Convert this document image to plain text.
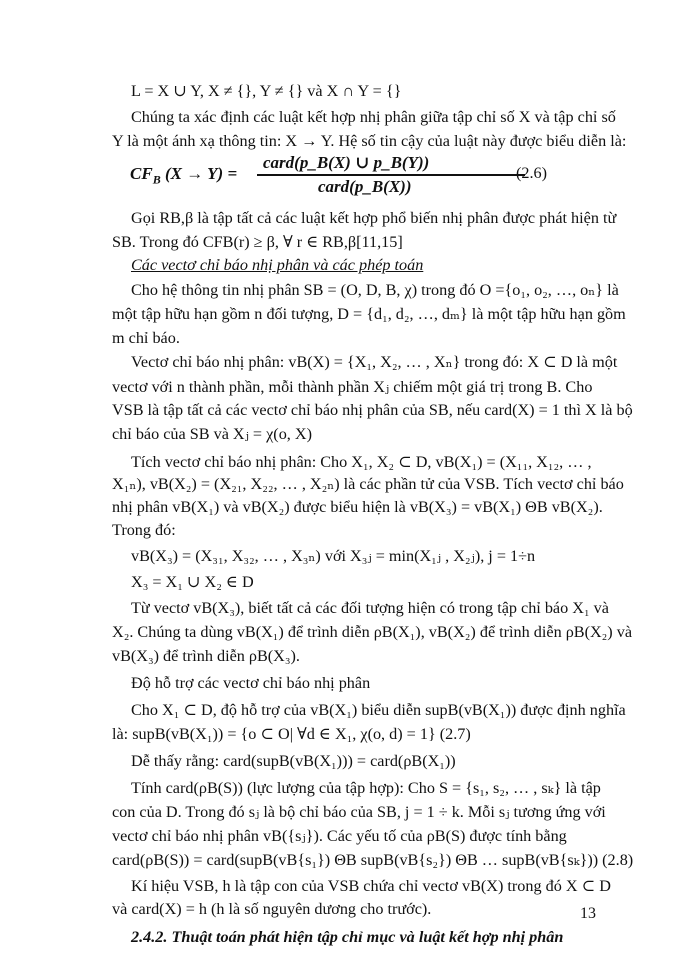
L = X ∪ Y, X ≠ {}, Y ≠ {} và X ∩ Y = {}
Chúng ta xác định các luật kết hợp nhị phân giữa tập chỉ số X và tập chỉ số
Y là một ánh xạ thông tin: X → Y. Hệ số tin cậy của luật này được biểu diễn là:
$CF_B$ (X → Y) =
card(p_B(X) ∪ p_B(Y))
card(p_B(X))
(2.6)
Gọi RB,β là tập tất cả các luật kết hợp phổ biến nhị phân được phát hiện từ
SB. Trong đó CFB(r) ≥ β, ∀ r ∈ RB,β[11,15]
Các vectơ chỉ báo nhị phân và các phép toán
Cho hệ thông tin nhị phân SB = (O, D, B, χ) trong đó O ={o₁, o₂, …, oₙ} là
một tập hữu hạn gồm n đối tượng, D = {d₁, d₂, …, dₘ} là một tập hữu hạn gồm
m chỉ báo.
Vectơ chỉ báo nhị phân: vB(X) = {X₁, X₂, … , Xₙ} trong đó: X ⊂ D là một
vectơ với n thành phần, mỗi thành phần Xⱼ chiếm một giá trị trong B. Cho
VSB là tập tất cả các vectơ chỉ báo nhị phân của SB, nếu card(X) = 1 thì X là bộ
chỉ báo của SB và Xⱼ = χ(o, X)
Tích vectơ chỉ báo nhị phân: Cho X₁, X₂ ⊂ D, vB(X₁) = (X₁₁, X₁₂, … ,
X₁ₙ), vB(X₂) = (X₂₁, X₂₂, … , X₂ₙ) là các phần tử của VSB. Tích vectơ chỉ báo
nhị phân vB(X₁) và vB(X₂) được biểu hiện là vB(X₃) = vB(X₁) ΘB vB(X₂).
Trong đó:
vB(X₃) = (X₃₁, X₃₂, … , X₃ₙ) với X₃ⱼ = min(X₁ⱼ , X₂ⱼ), j = 1÷n
X₃ = X₁ ∪ X₂ ∈ D
Từ vectơ vB(X₃), biết tất cả các đối tượng hiện có trong tập chỉ báo X₁ và
X₂. Chúng ta dùng vB(X₁) để trình diễn ρB(X₁), vB(X₂) để trình diễn ρB(X₂) và
vB(X₃) để trình diễn ρB(X₃).
Độ hỗ trợ các vectơ chỉ báo nhị phân
Cho X₁ ⊂ D, độ hỗ trợ của vB(X₁) biểu diễn supB(vB(X₁)) được định nghĩa
là: supB(vB(X₁)) = {o ⊂ O| ∀d ∈ X₁, χ(o, d) = 1} (2.7)
Dễ thấy rằng: card(supB(vB(X₁))) = card(ρB(X₁))
Tính card(ρB(S)) (lực lượng của tập hợp): Cho S = {s₁, s₂, … , sₖ} là tập
con của D. Trong đó sⱼ là bộ chỉ báo của SB, j = 1 ÷ k. Mỗi sⱼ tương ứng với
vectơ chỉ báo nhị phân vB({sⱼ}). Các yếu tố của ρB(S) được tính bằng
card(ρB(S)) = card(supB(vB{s₁}) ΘB supB(vB{s₂}) ΘB … supB(vB{sₖ})) (2.8)
Kí hiệu VSB, h là tập con của VSB chứa chỉ vectơ vB(X) trong đó X ⊂ D
và card(X) = h (h là số nguyên dương cho trước).
2.4.2. Thuật toán phát hiện tập chỉ mục và luật kết hợp nhị phân
13
